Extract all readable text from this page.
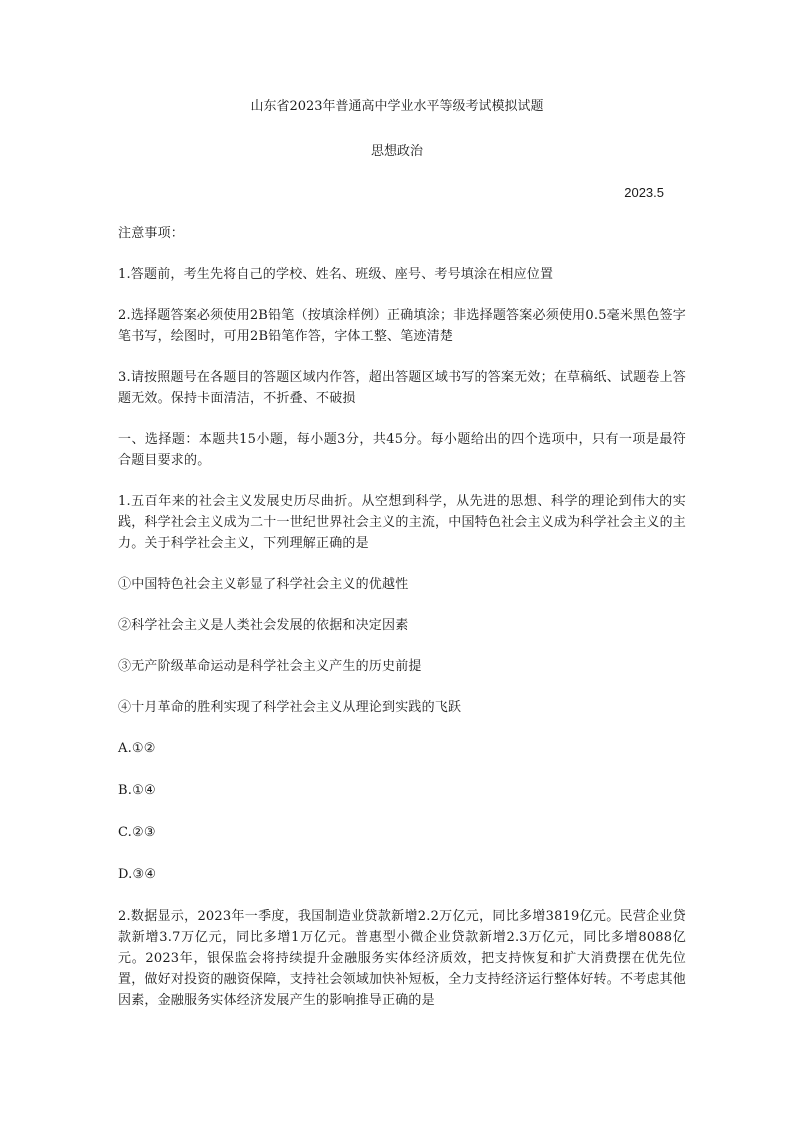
山东省2023年普通高中学业水平等级考试模拟试题
思想政治
2023.5
注意事项：
1.答题前，考生先将自己的学校、姓名、班级、座号、考号填涂在相应位置
2.选择题答案必须使用2B铅笔（按填涂样例）正确填涂；非选择题答案必须使用0.5毫米黑色签字笔书写，绘图时，可用2B铅笔作答，字体工整、笔迹清楚
3.请按照题号在各题目的答题区域内作答，超出答题区域书写的答案无效；在草稿纸、试题卷上答题无效。保持卡面清洁，不折叠、不破损
一、选择题：本题共15小题，每小题3分，共45分。每小题给出的四个选项中，只有一项是最符合题目要求的。
1.五百年来的社会主义发展史历尽曲折。从空想到科学，从先进的思想、科学的理论到伟大的实践，科学社会主义成为二十一世纪世界社会主义的主流，中国特色社会主义成为科学社会主义的主力。关于科学社会主义，下列理解正确的是
①中国特色社会主义彰显了科学社会主义的优越性
②科学社会主义是人类社会发展的依据和决定因素
③无产阶级革命运动是科学社会主义产生的历史前提
④十月革命的胜利实现了科学社会主义从理论到实践的飞跃
A.①②
B.①④
C.②③
D.③④
2.数据显示，2023年一季度，我国制造业贷款新增2.2万亿元，同比多增3819亿元。民营企业贷款新增3.7万亿元，同比多增1万亿元。普惠型小微企业贷款新增2.3万亿元，同比多增8088亿元。2023年，银保监会将持续提升金融服务实体经济质效，把支持恢复和扩大消费摆在优先位置，做好对投资的融资保障，支持社会领域加快补短板，全力支持经济运行整体好转。不考虑其他因素，金融服务实体经济发展产生的影响推导正确的是
